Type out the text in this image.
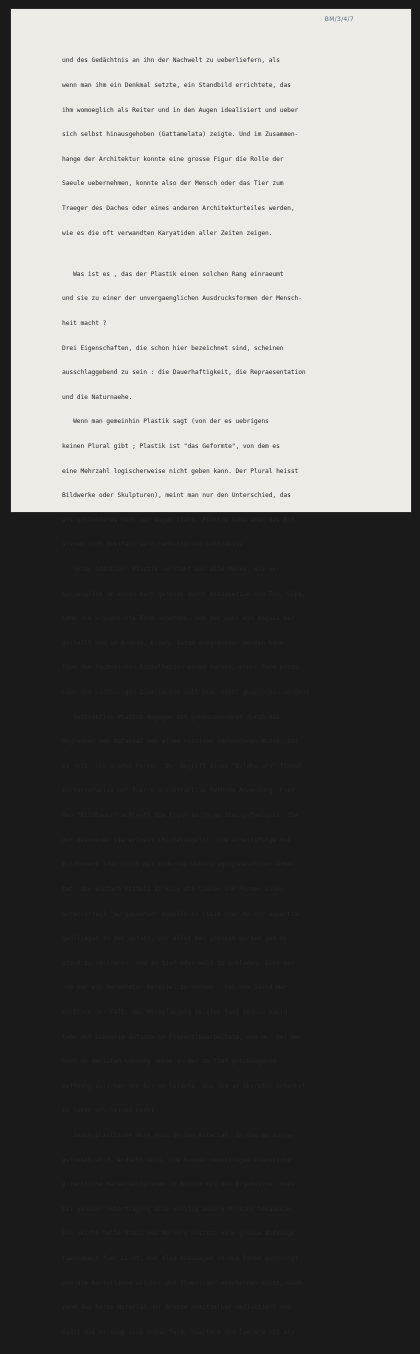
BM/3/4/7

und des Gedächtnis an ihn der Nachwelt zu ueberliefern, als

wenn man ihm ein Denkmal setzte, ein Standbild errichtete, das

ihm womoeglich als Reiter und in den Augen idealisiert und ueber

sich selbst hinausgehoben (Gattamelata) zeigte. Und im Zusammen-

hange der Architektur konnte eine grosse Figur die Rolle der

Saeule uebernehmen, konnte also der Mensch oder das Tier zum

Traeger des Daches oder eines anderen Architekturteiles werden,

wie es die oft verwandten Karyatiden aller Zeiten zeigen.

Was ist es , das der Plastik einen solchen Rang einraeumt

und sie zu einer der unvergaenglichen Ausdrucksformen der Mensch-

heit macht ?

Drei Eigenschaften, die schon hier bezeichnet sind, scheinen

ausschlaggebend zu sein : die Dauerhaftigkeit, die Repraesentation

und die Naturnaehe.

Wenn man gemeinhin Plastik sagt (von der es uebrigens

keinen Plural gibt ; Plastik ist "das Geformte", von dem es

eine Mehrzahl logischerweise nicht geben kann. Der Plural heisst

Bildwerke oder Skulpturen), meint man nur den Unterschied, das

als vollendetes Werk vor Augen steht. Plastik kann aber das Ent-

stehen noch zweifach sein :additiv und subtraktiv .

Unter additiver Plastik versteht man alle Werke, die ur-

spruenglich um einen Kern geformt durch Hinzusetzen von Ton, Gips,

Lehm die erwuenschte Form annehmen, von der dann ein Abguss her-

gestellt und in Bronze, Eisen, Beton ausgegossen werden kann.

(Von dem technischen Einzelheiten eines Gusses, einer Form prodz

oder des nachherigen Ziselierens soll hier nicht gesprochen werden)

Subtraktive Plastik dagegen ist gekennzeichnet durch das

Wegnehmen von Material von einem massiven vorhandenen Block, sei

es Holz, Stein oder Marmor. Der Begriff eines "Bildhauers" findet

korrekterweise nur fuer die subtraktive Methode Anwendung. Fuer

den "Bildhauer" schleeft die Figur in ihrem Steingefaengnis, die

der Bezaubrer sie erloest (Michelangelo). Die Arbeitsfolge des

Bildhauers (der nicht mit modernen Uebertragungsmaschinen arbei-

tet, die einfach mittels Zirkels die Linien und Formen eines

unterverteil "aufgebauten" Modells in Stein oder Marmor uebertra-

gen)liegen in der Gefahr, vor allem bei grossen Werken den Ab-

stand zu verlieren, und zu tief oder weit zu schlagen. Dies war

-um nur ein beruehmten Beispiel zu nennen - bei dem David Mar-

morblock der Fall, den Michelangelo meister fast meinen David

(vor der Signoria aufnahm in Florenz)bearbeitete, und der bei der

noch so genialen Loesung immer an der zu tief geschlagenen

Oeffnung zwischen dem Beinen leidete, die ihm am obersten Schenkel

zu haben erscheinen macht.

Jedes plastische Werk muss in dem Aaterial, in dem es ausge-

gefuehrt wird, erdacht sein. Die Roemer uebertrugen klassische

griechische Marmorskulpturen in Bronze mit dem Ergebnisse, dass

bei genauer Uebertragung eine voellig andere Wirkung herauskam.

Der weiche helle Stein des Marmors besitzt eine grosse Aufsauge-

faehigkeit fuer Licht, das also sozusagen in die Poren eindringt

und die Konturlinie weicher und fluessiger erscheinen macht, waeh-

rend das harte Material der Bronze unmittelbar reflektiert und

damit die Wirkung eine schaerfere, haertere und leerere ist als
